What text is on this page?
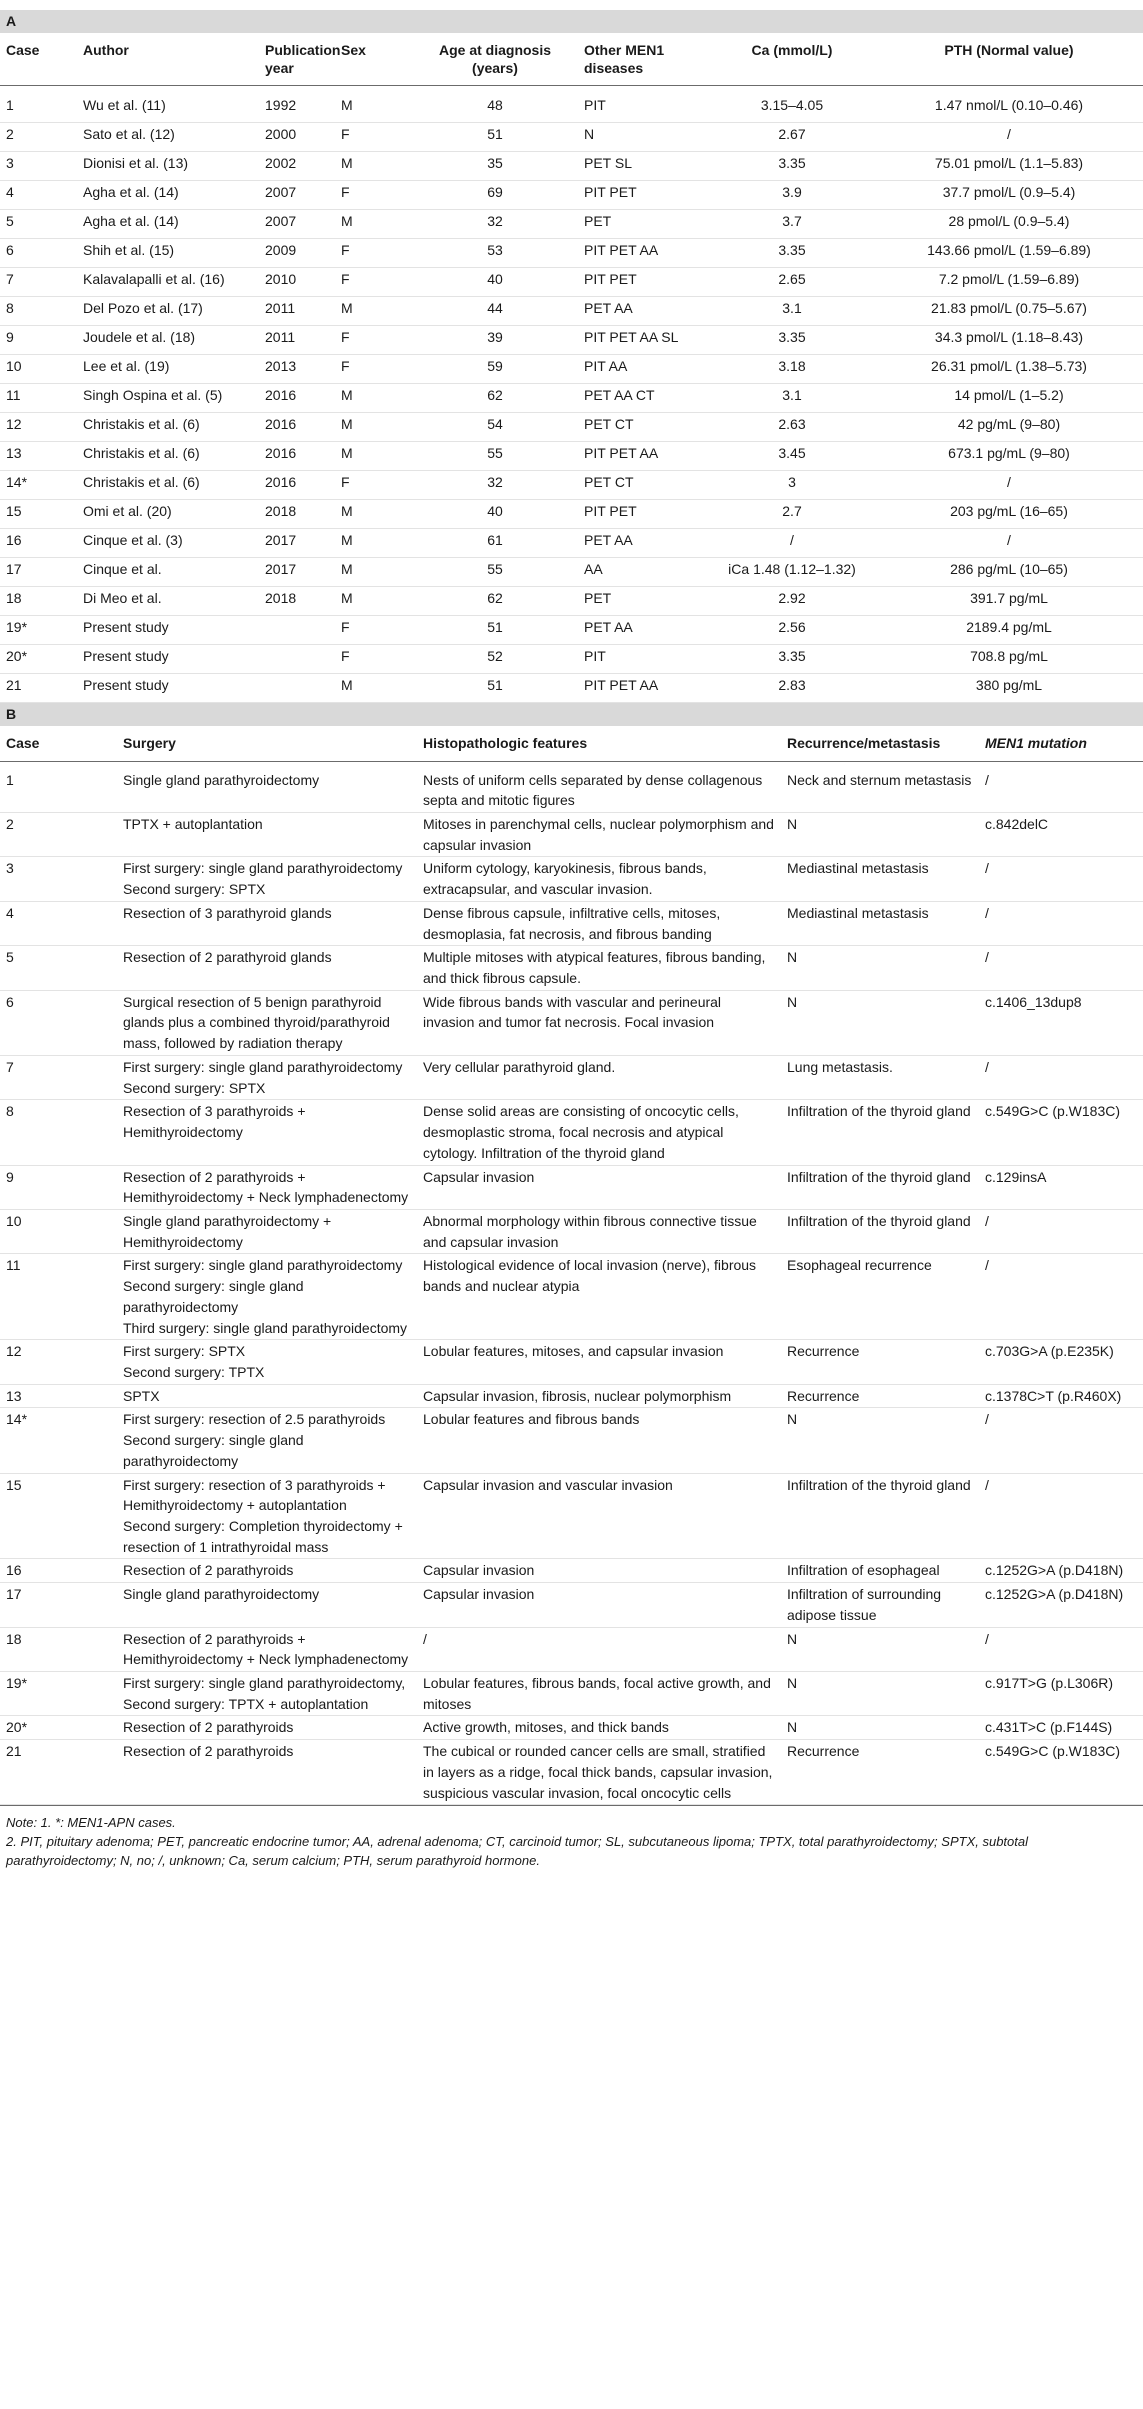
A
Case	Author	Publication year	Sex	Age at diagnosis (years)	Other MEN1 diseases	Ca (mmol/L)	PTH (Normal value)
1	Wu et al. (11)	1992	M	48	PIT	3.15–4.05	1.47 nmol/L (0.10–0.46)
2	Sato et al. (12)	2000	F	51	N	2.67	/
3	Dionisi et al. (13)	2002	M	35	PET SL	3.35	75.01 pmol/L (1.1–5.83)
4	Agha et al. (14)	2007	F	69	PIT PET	3.9	37.7 pmol/L (0.9–5.4)
5	Agha et al. (14)	2007	M	32	PET	3.7	28 pmol/L (0.9–5.4)
6	Shih et al. (15)	2009	F	53	PIT PET AA	3.35	143.66 pmol/L (1.59–6.89)
7	Kalavalapalli et al. (16)	2010	F	40	PIT PET	2.65	7.2 pmol/L (1.59–6.89)
8	Del Pozo et al. (17)	2011	M	44	PET AA	3.1	21.83 pmol/L (0.75–5.67)
9	Joudele et al. (18)	2011	F	39	PIT PET AA SL	3.35	34.3 pmol/L (1.18–8.43)
10	Lee et al. (19)	2013	F	59	PIT AA	3.18	26.31 pmol/L (1.38–5.73)
11	Singh Ospina et al. (5)	2016	M	62	PET AA CT	3.1	14 pmol/L (1–5.2)
12	Christakis et al. (6)	2016	M	54	PET CT	2.63	42 pg/mL (9–80)
13	Christakis et al. (6)	2016	M	55	PIT PET AA	3.45	673.1 pg/mL (9–80)
14*	Christakis et al. (6)	2016	F	32	PET CT	3	/
15	Omi et al. (20)	2018	M	40	PIT PET	2.7	203 pg/mL (16–65)
16	Cinque et al. (3)	2017	M	61	PET AA	/	/
17	Cinque et al.	2017	M	55	AA	iCa 1.48 (1.12–1.32)	286 pg/mL (10–65)
18	Di Meo et al.	2018	M	62	PET	2.92	391.7 pg/mL
19*	Present study		F	51	PET AA	2.56	2189.4 pg/mL
20*	Present study		F	52	PIT	3.35	708.8 pg/mL
21	Present study		M	51	PIT PET AA	2.83	380 pg/mL
B
Case	Surgery	Histopathologic features	Recurrence/metastasis	MEN1 mutation
1	Single gland parathyroidectomy	Nests of uniform cells separated by dense collagenous septa and mitotic figures	Neck and sternum metastasis	/
2	TPTX + autoplantation	Mitoses in parenchymal cells, nuclear polymorphism and capsular invasion	N	c.842delC
3	First surgery: single gland parathyroidectomy
Second surgery: SPTX	Uniform cytology, karyokinesis, fibrous bands, extracapsular, and vascular invasion.	Mediastinal metastasis	/
4	Resection of 3 parathyroid glands	Dense fibrous capsule, infiltrative cells, mitoses, desmoplasia, fat necrosis, and fibrous banding	Mediastinal metastasis	/
5	Resection of 2 parathyroid glands	Multiple mitoses with atypical features, fibrous banding, and thick fibrous capsule.	N	/
6	Surgical resection of 5 benign parathyroid glands plus a combined thyroid/parathyroid mass, followed by radiation therapy	Wide fibrous bands with vascular and perineural invasion and tumor fat necrosis. Focal invasion	N	c.1406_13dup8
7	First surgery: single gland parathyroidectomy
Second surgery: SPTX	Very cellular parathyroid gland.	Lung metastasis.	/
8	Resection of 3 parathyroids + Hemithyroidectomy	Dense solid areas are consisting of oncocytic cells, desmoplastic stroma, focal necrosis and atypical cytology. Infiltration of the thyroid gland	Infiltration of the thyroid gland	c.549G>C (p.W183C)
9	Resection of 2 parathyroids + Hemithyroidectomy + Neck lymphadenectomy	Capsular invasion	Infiltration of the thyroid gland	c.129insA
10	Single gland parathyroidectomy + Hemithyroidectomy	Abnormal morphology within fibrous connective tissue and capsular invasion	Infiltration of the thyroid gland	/
11	First surgery: single gland parathyroidectomy
Second surgery: single gland parathyroidectomy
Third surgery: single gland parathyroidectomy	Histological evidence of local invasion (nerve), fibrous bands and nuclear atypia	Esophageal recurrence	/
12	First surgery: SPTX
Second surgery: TPTX	Lobular features, mitoses, and capsular invasion	Recurrence	c.703G>A (p.E235K)
13	SPTX	Capsular invasion, fibrosis, nuclear polymorphism	Recurrence	c.1378C>T (p.R460X)
14*	First surgery: resection of 2.5 parathyroids
Second surgery: single gland parathyroidectomy	Lobular features and fibrous bands	N	/
15	First surgery: resection of 3 parathyroids + Hemithyroidectomy + autoplantation
Second surgery: Completion thyroidectomy + resection of 1 intrathyroidal mass	Capsular invasion and vascular invasion	Infiltration of the thyroid gland	/
16	Resection of 2 parathyroids	Capsular invasion	Infiltration of esophageal	c.1252G>A (p.D418N)
17	Single gland parathyroidectomy	Capsular invasion	Infiltration of surrounding adipose tissue	c.1252G>A (p.D418N)
18	Resection of 2 parathyroids + Hemithyroidectomy + Neck lymphadenectomy	/	N	/
19*	First surgery: single gland parathyroidectomy, Second surgery: TPTX + autoplantation	Lobular features, fibrous bands, focal active growth, and mitoses	N	c.917T>G (p.L306R)
20*	Resection of 2 parathyroids	Active growth, mitoses, and thick bands	N	c.431T>C (p.F144S)
21	Resection of 2 parathyroids	The cubical or rounded cancer cells are small, stratified in layers as a ridge, focal thick bands, capsular invasion, suspicious vascular invasion, focal oncocytic cells	Recurrence	c.549G>C (p.W183C)
Note: 1. *: MEN1-APN cases.
2. PIT, pituitary adenoma; PET, pancreatic endocrine tumor; AA, adrenal adenoma; CT, carcinoid tumor; SL, subcutaneous lipoma; TPTX, total parathyroidectomy; SPTX, subtotal parathyroidectomy; N, no; /, unknown; Ca, serum calcium; PTH, serum parathyroid hormone.
